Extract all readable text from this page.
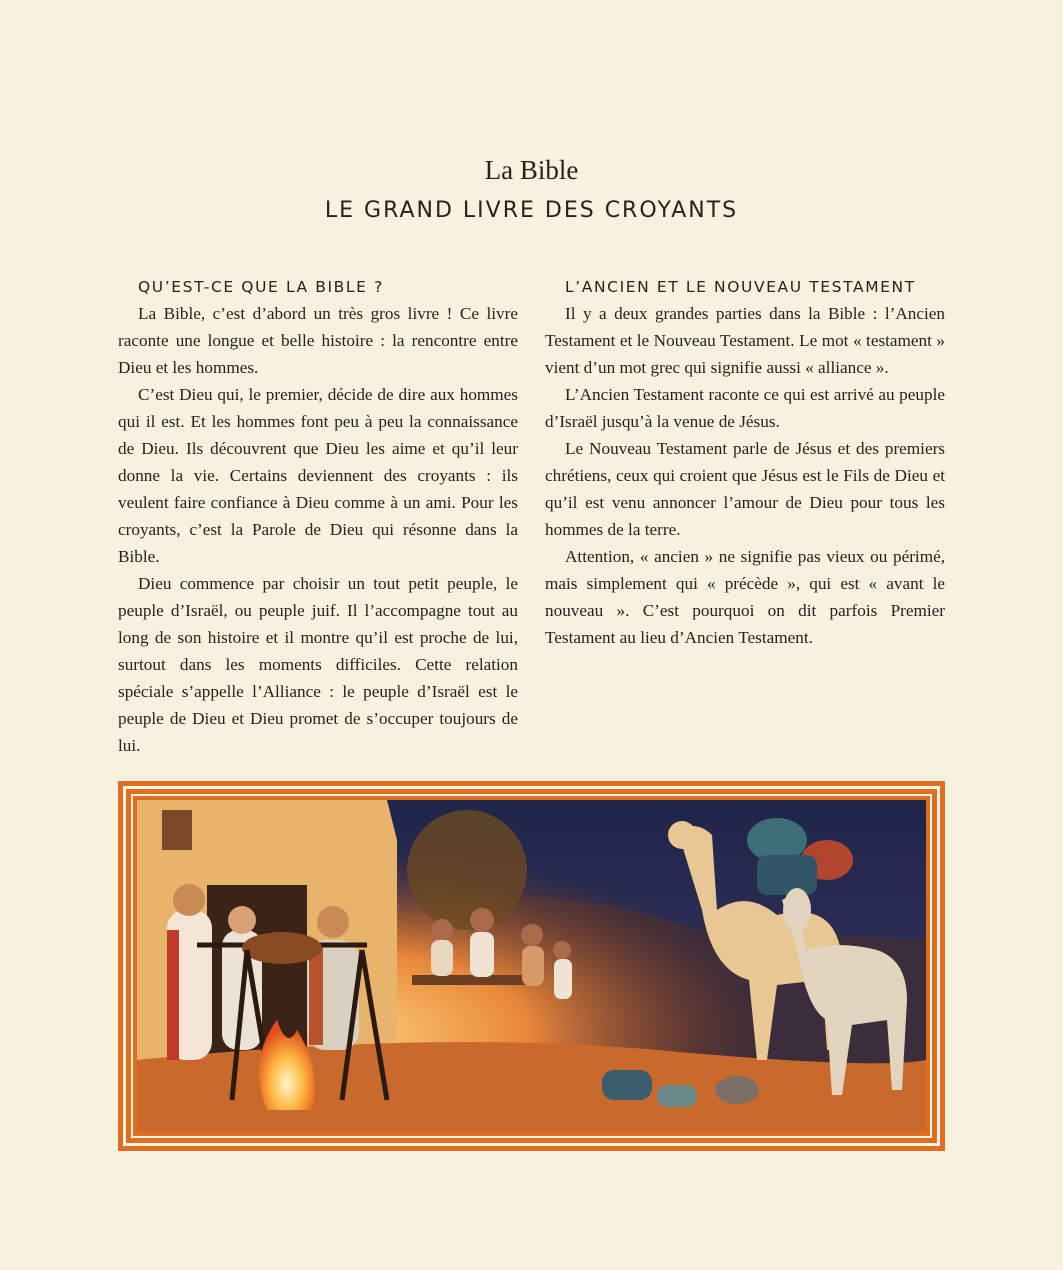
La Bible
LE GRAND LIVRE DES CROYANTS
QU’EST-CE QUE LA BIBLE ?

La Bible, c’est d’abord un très gros livre ! Ce livre raconte une longue et belle histoire : la rencontre entre Dieu et les hommes.

C’est Dieu qui, le premier, décide de dire aux hommes qui il est. Et les hommes font peu à peu la connaissance de Dieu. Ils découvrent que Dieu les aime et qu’il leur donne la vie. Certains deviennent des croyants : ils veulent faire confiance à Dieu comme à un ami. Pour les croyants, c’est la Parole de Dieu qui résonne dans la Bible.

Dieu commence par choisir un tout petit peuple, le peuple d’Israël, ou peuple juif. Il l’accompagne tout au long de son histoire et il montre qu’il est proche de lui, surtout dans les moments difficiles. Cette relation spéciale s’appelle l’Alliance : le peuple d’Israël est le peuple de Dieu et Dieu promet de s’occuper toujours de lui.

L’ANCIEN ET LE NOUVEAU TESTAMENT

Il y a deux grandes parties dans la Bible : l’Ancien Testament et le Nouveau Testament. Le mot « testament » vient d’un mot grec qui signifie aussi « alliance ».

L’Ancien Testament raconte ce qui est arrivé au peuple d’Israël jusqu’à la venue de Jésus.

Le Nouveau Testament parle de Jésus et des premiers chrétiens, ceux qui croient que Jésus est le Fils de Dieu et qu’il est venu annoncer l’amour de Dieu pour tous les hommes de la terre.

Attention, « ancien » ne signifie pas vieux ou périmé, mais simplement qui « précède », qui est « avant le nouveau ». C’est pourquoi on dit parfois Premier Testament au lieu d’Ancien Testament.
